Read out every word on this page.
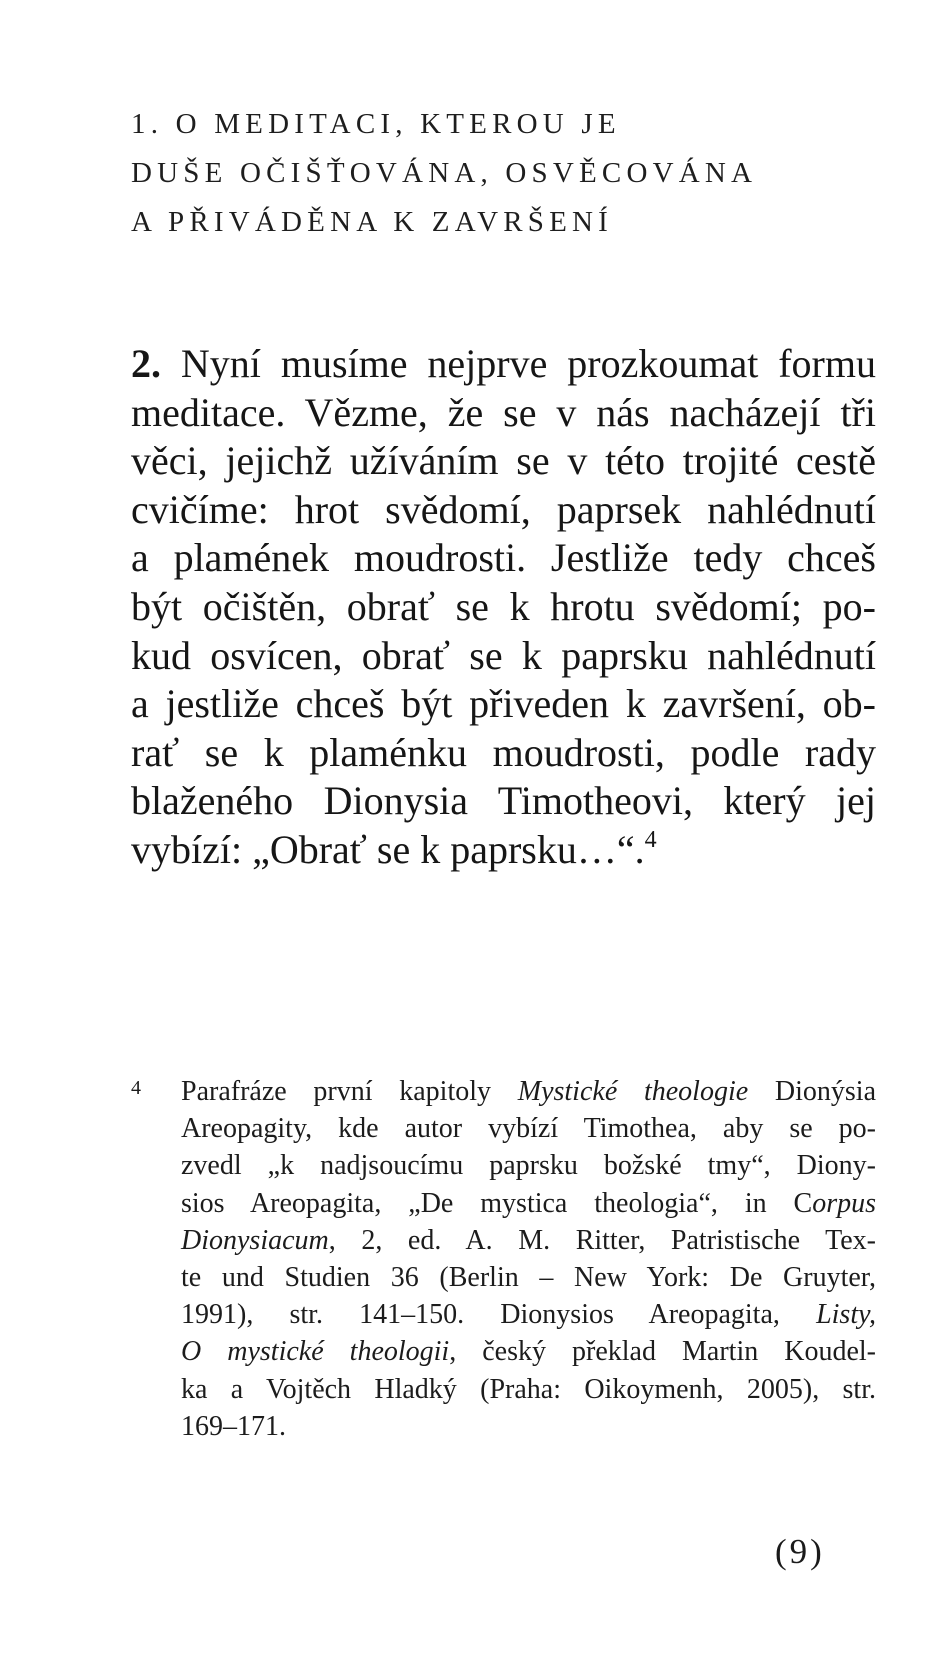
1. O MEDITACI, KTEROU JE
DUŠE OČIŠŤOVÁNA, OSVĚCOVÁNA
A PŘIVÁDĚNA K ZAVRŠENÍ
2. Nyní musíme nejprve prozkoumat formu
meditace. Vězme, že se v nás nacházejí tři
věci, jejichž užíváním se v této trojité cestě
cvičíme: hrot svědomí, paprsek nahlédnutí
a plamének moudrosti. Jestliže tedy chceš
být očištěn, obrať se k hrotu svědomí; po-
kud osvícen, obrať se k paprsku nahlédnutí
a jestliže chceš být přiveden k završení, ob-
rať se k plaménku moudrosti, podle rady
blaženého Dionysia Timotheovi, který jej
vybízí: „Obrať se k paprsku…“.$^4$
4 Parafráze první kapitoly Mystické theologie Dionýsia
Areopagity, kde autor vybízí Timothea, aby se po-
zvedl „k nadjsoucímu paprsku božské tmy“, Diony-
sios Areopagita, „De mystica theologia“, in Corpus
Dionysiacum, 2, ed. A. M. Ritter, Patristische Tex-
te und Studien 36 (Berlin – New York: De Gruyter,
1991), str. 141–150. Dionysios Areopagita, Listy,
O mystické theologii, český překlad Martin Koudel-
ka a Vojtěch Hladký (Praha: Oikoymenh, 2005), str.
169–171.
(9)
